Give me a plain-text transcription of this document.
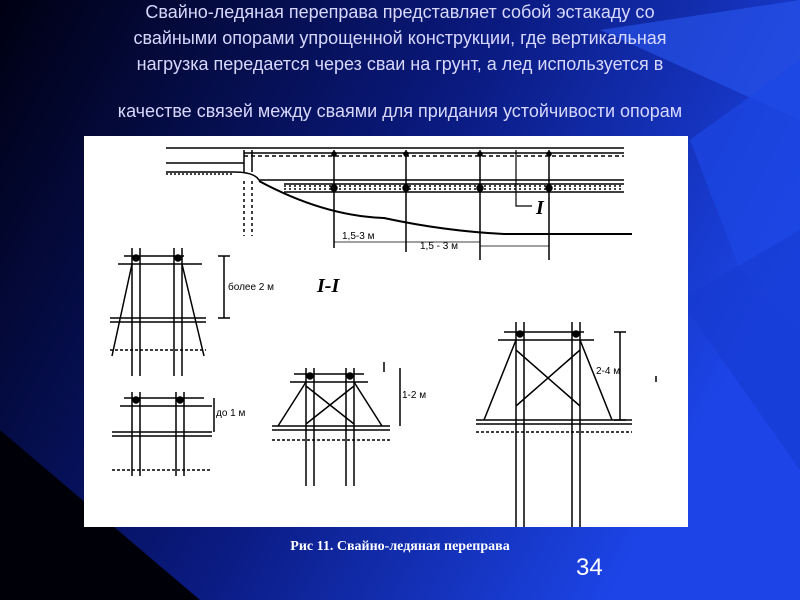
Свайно-ледяная переправа представляет собой эстакаду со
свайными опорами упрощенной конструкции, где вертикальная
нагрузка передается через сваи на грунт, а лед используется в
качестве связей между сваями для придания устойчивости опорам
I
1,5-3 м
1,5 - 3 м
более 2 м I-I
до 1 м
1-2 м
2-4 м
Рис 11. Свайно-ледяная переправа
34
